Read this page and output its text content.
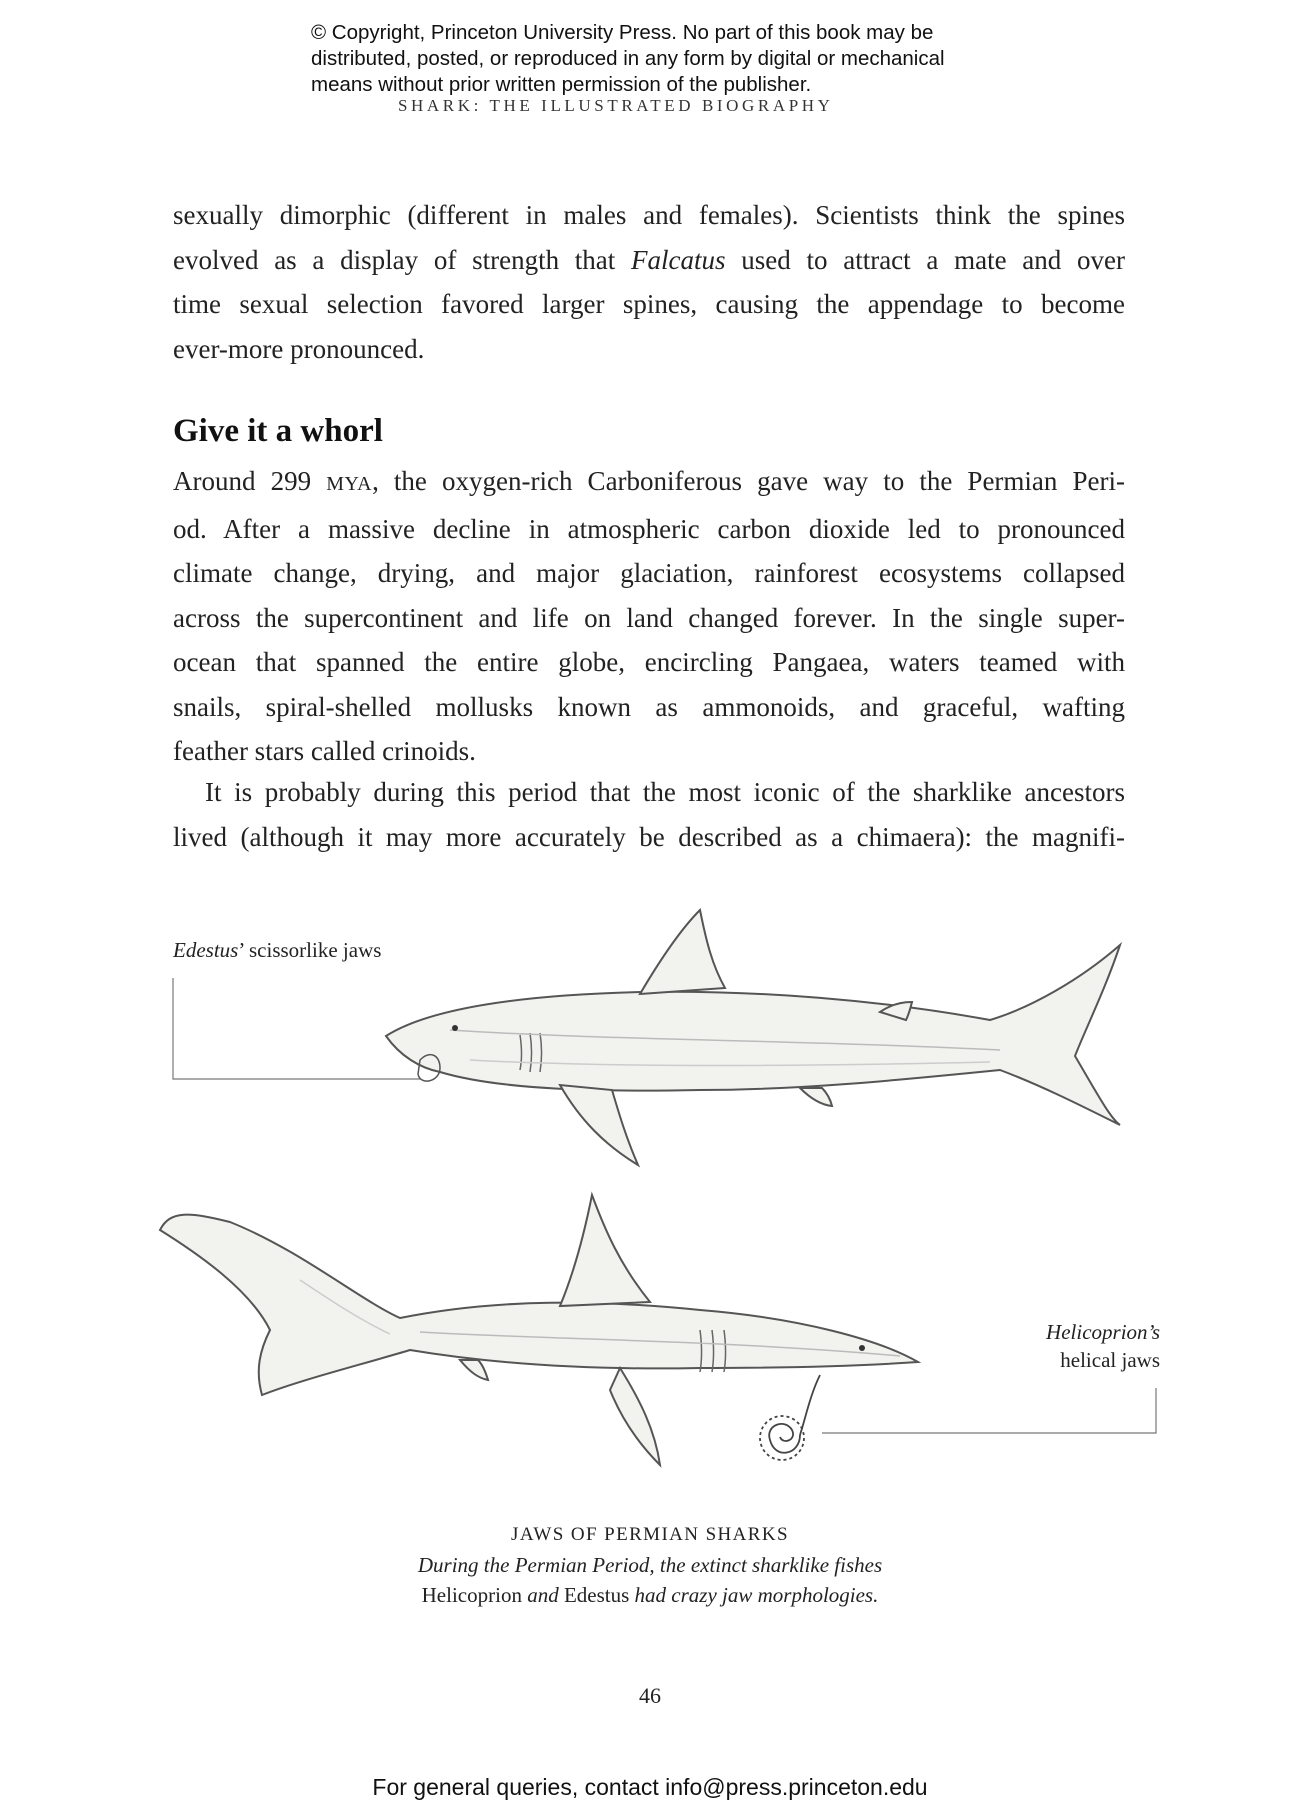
© Copyright, Princeton University Press. No part of this book may be
distributed, posted, or reproduced in any form by digital or mechanical
means without prior written permission of the publisher.
SHARK: THE ILLUSTRATED BIOGRAPHY
sexually dimorphic (different in males and females). Scientists think the spines
evolved as a display of strength that Falcatus used to attract a mate and over
time sexual selection favored larger spines, causing the appendage to become
ever-more pronounced.
Give it a whorl
Around 299 MYA, the oxygen-rich Carboniferous gave way to the Permian Peri-
od. After a massive decline in atmospheric carbon dioxide led to pronounced
climate change, drying, and major glaciation, rainforest ecosystems collapsed
across the supercontinent and life on land changed forever. In the single super-
ocean that spanned the entire globe, encircling Pangaea, waters teamed with
snails, spiral-shelled mollusks known as ammonoids, and graceful, wafting
feather stars called crinoids.
It is probably during this period that the most iconic of the sharklike ancestors
lived (although it may more accurately be described as a chimaera): the magnifi-
Edestus’ scissorlike jaws
Helicoprion’s
helical jaws
JAWS OF PERMIAN SHARKS
During the Permian Period, the extinct sharklike fishes
Helicoprion and Edestus had crazy jaw morphologies.
46
For general queries, contact info@press.princeton.edu
